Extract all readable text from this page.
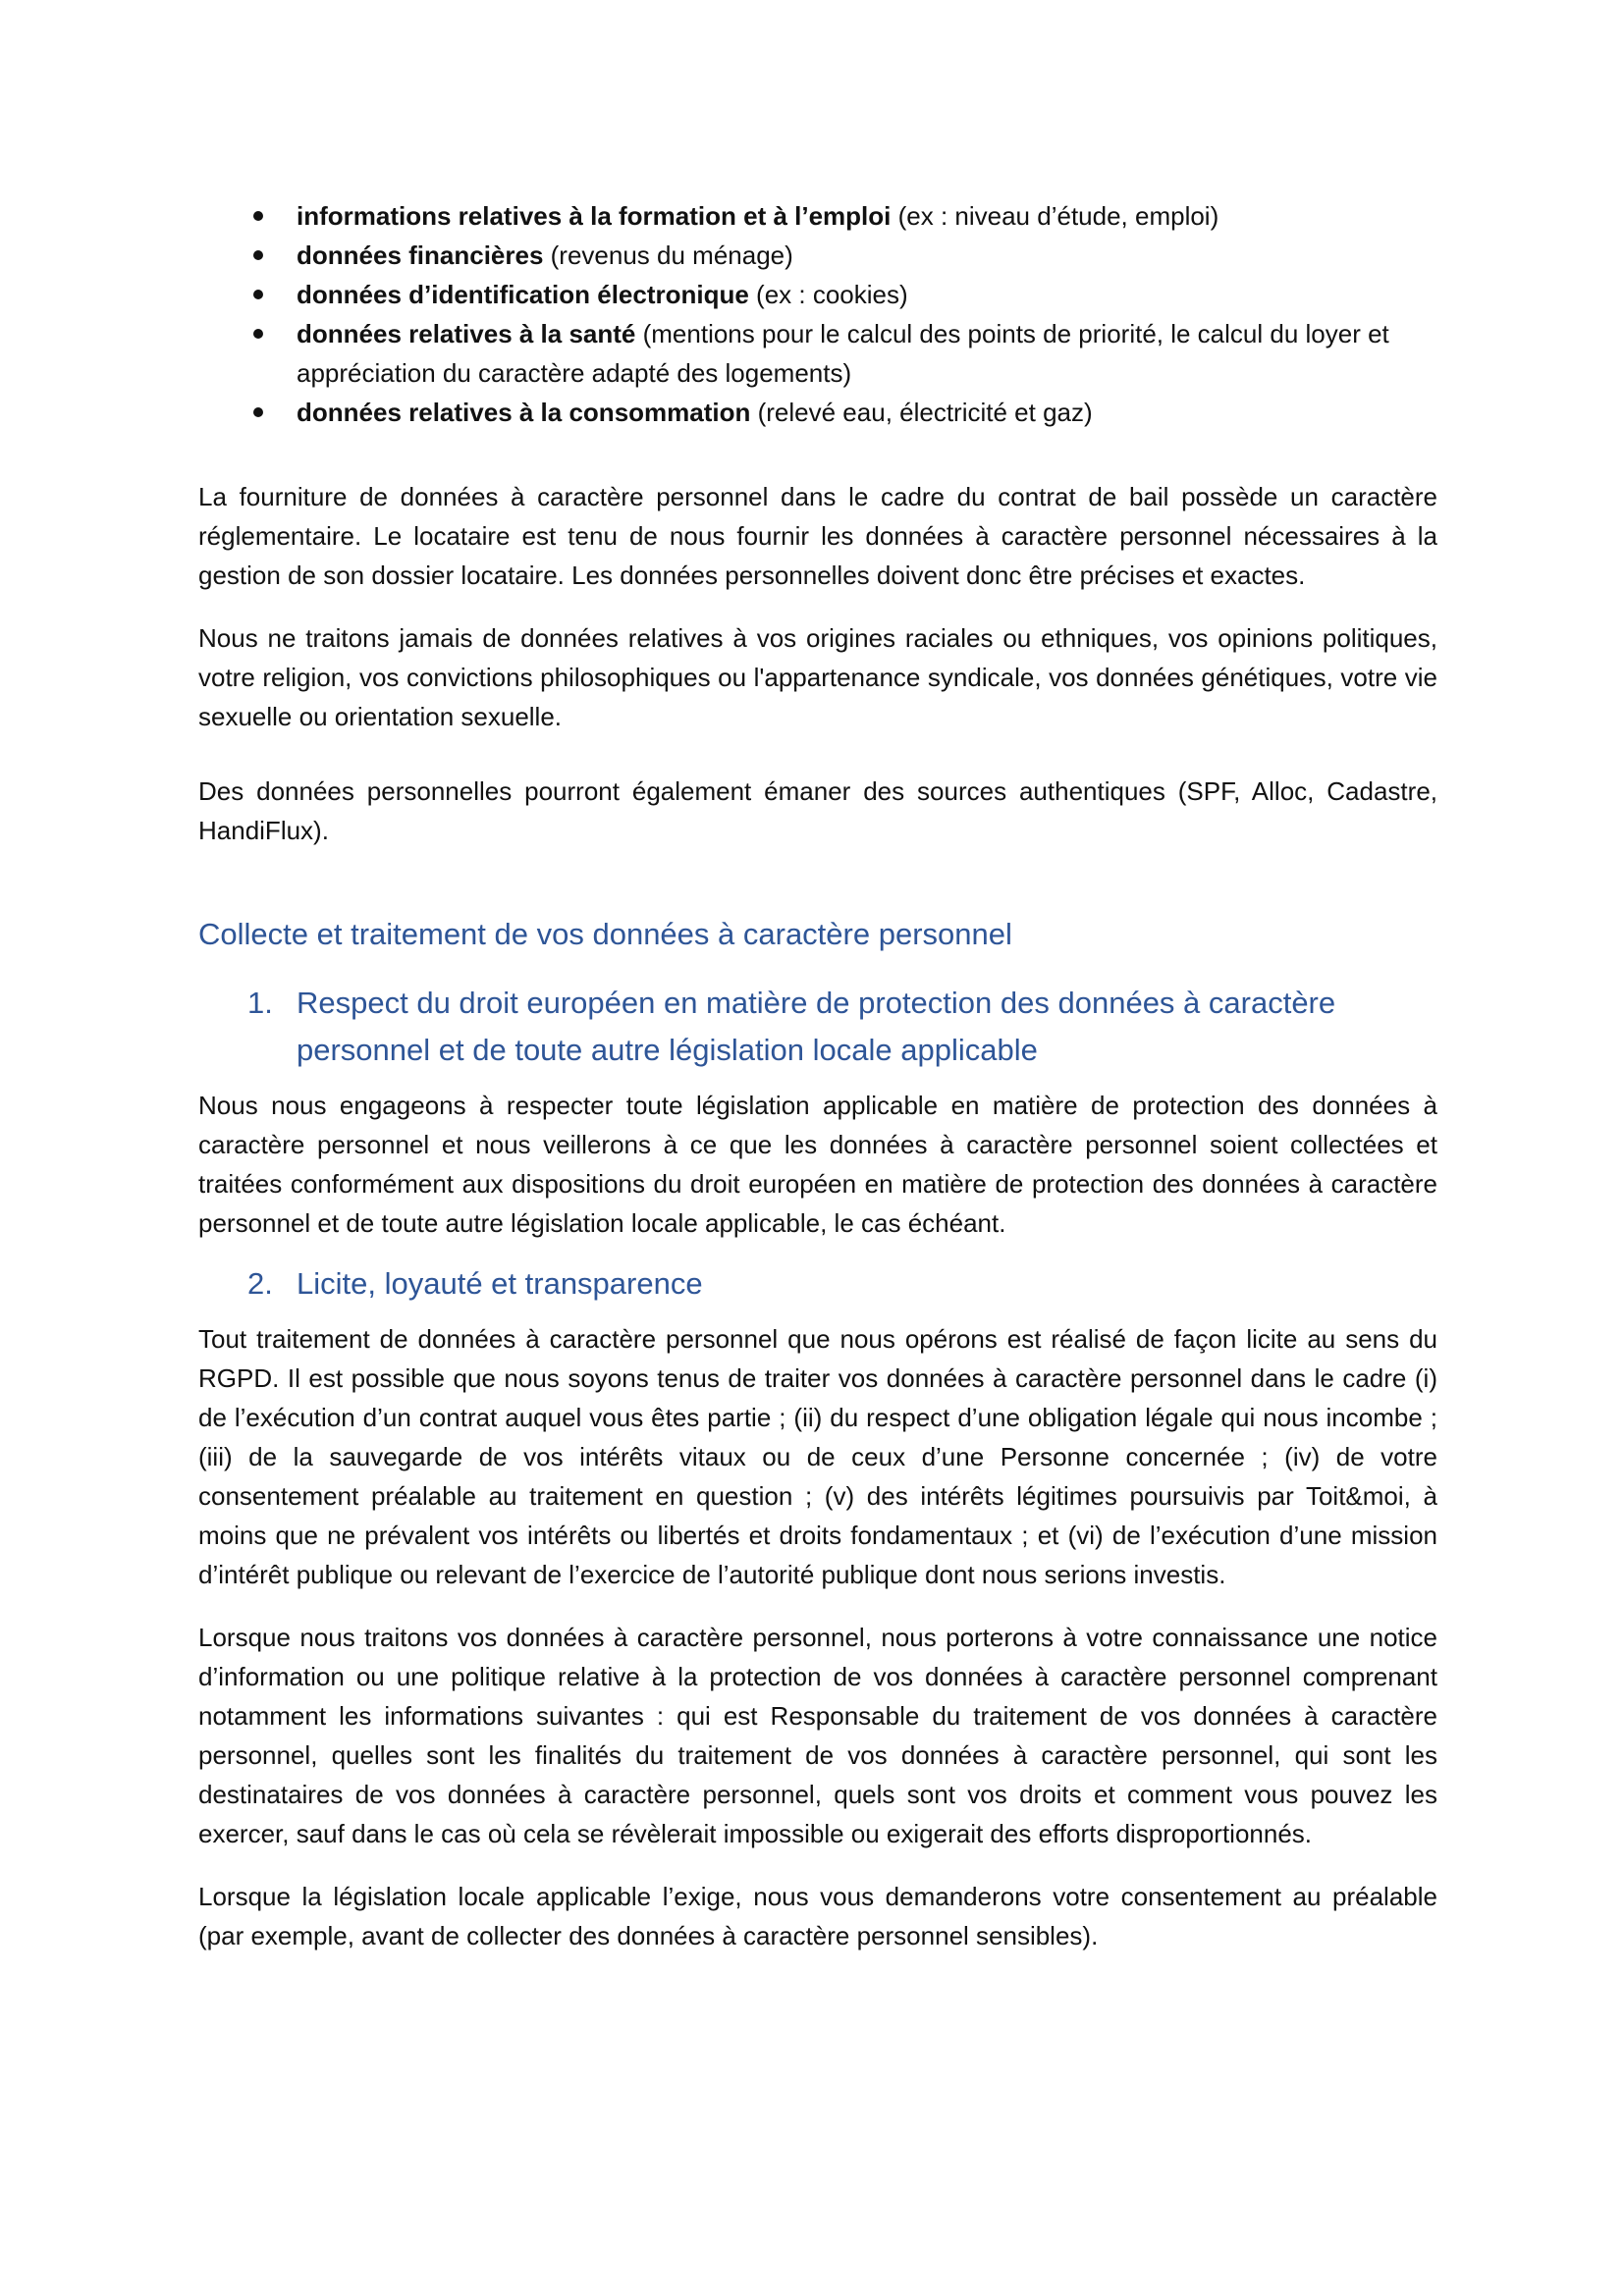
informations relatives à la formation et à l’emploi (ex : niveau d’étude, emploi)
données financières (revenus du ménage)
données d’identification électronique (ex : cookies)
données relatives à la santé (mentions pour le calcul des points de priorité, le calcul du loyer et appréciation du caractère adapté des logements)
données relatives à la consommation (relevé eau, électricité et gaz)

La fourniture de données à caractère personnel dans le cadre du contrat de bail possède un caractère réglementaire. Le locataire est tenu de nous fournir les données à caractère personnel nécessaires à la gestion de son dossier locataire. Les données personnelles doivent donc être précises et exactes.

Nous ne traitons jamais de données relatives à vos origines raciales ou ethniques, vos opinions politiques, votre religion, vos convictions philosophiques ou l'appartenance syndicale, vos données génétiques, votre vie sexuelle ou orientation sexuelle.

Des données personnelles pourront également émaner des sources authentiques (SPF, Alloc, Cadastre, HandiFlux).

Collecte et traitement de vos données à caractère personnel
1. Respect du droit européen en matière de protection des données à caractère personnel et de toute autre législation locale applicable

Nous nous engageons à respecter toute législation applicable en matière de protection des données à caractère personnel et nous veillerons à ce que les données à caractère personnel soient collectées et traitées conformément aux dispositions du droit européen en matière de protection des données à caractère personnel et de toute autre législation locale applicable, le cas échéant.

2. Licite, loyauté et transparence

Tout traitement de données à caractère personnel que nous opérons est réalisé de façon licite au sens du RGPD. Il est possible que nous soyons tenus de traiter vos données à caractère personnel dans le cadre (i) de l’exécution d’un contrat auquel vous êtes partie ; (ii) du respect d’une obligation légale qui nous incombe ; (iii) de la sauvegarde de vos intérêts vitaux ou de ceux d’une Personne concernée ; (iv) de votre consentement préalable au traitement en question ; (v) des intérêts légitimes poursuivis par Toit&moi, à moins que ne prévalent vos intérêts ou libertés et droits fondamentaux ; et (vi) de l’exécution d’une mission d’intérêt publique ou relevant de l’exercice de l’autorité publique dont nous serions investis.

Lorsque nous traitons vos données à caractère personnel, nous porterons à votre connaissance une notice d’information ou une politique relative à la protection de vos données à caractère personnel comprenant notamment les informations suivantes : qui est Responsable du traitement de vos données à caractère personnel, quelles sont les finalités du traitement de vos données à caractère personnel, qui sont les destinataires de vos données à caractère personnel, quels sont vos droits et comment vous pouvez les exercer, sauf dans le cas où cela se révèlerait impossible ou exigerait des efforts disproportionnés.

Lorsque la législation locale applicable l’exige, nous vous demanderons votre consentement au préalable (par exemple, avant de collecter des données à caractère personnel sensibles).
